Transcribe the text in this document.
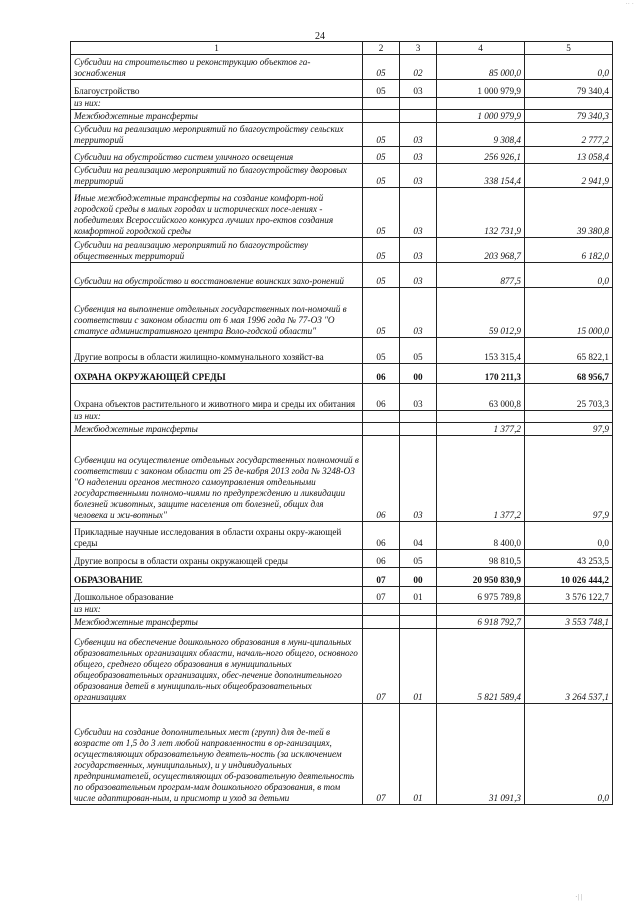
·· ·
24
1	2	3	4	5
Субсидии на строительство и реконструкцию объектов га-зоснабжения	05	02	85 000,0	0,0
Благоустройство	05	03	1 000 979,9	79 340,4
из них:				
Межбюджетные трансферты			1 000 979,9	79 340,3
Субсидии на реализацию мероприятий по благоустройству сельских территорий	05	03	9 308,4	2 777,2
Субсидии на обустройство систем уличного освещения	05	03	256 926,1	13 058,4
Субсидии на реализацию мероприятий по благоустройству дворовых территорий	05	03	338 154,4	2 941,9
Иные межбюджетные трансферты на создание комфорт-ной городской среды в малых городах и исторических посе-лениях - победителях Всероссийского конкурса лучших про-ектов создания комфортной городской среды	05	03	132 731,9	39 380,8
Субсидии на реализацию мероприятий по благоустройству общественных территорий	05	03	203 968,7	6 182,0
Субсидии на обустройство и восстановление воинских захо-ронений	05	03	877,5	0,0
Субвенция на выполнение отдельных государственных пол-номочий в соответствии с законом области от 6 мая 1996 года № 77-ОЗ "О статусе административного центра Воло-годской области"	05	03	59 012,9	15 000,0
Другие вопросы в области жилищно-коммунального хозяйст-ва	05	05	153 315,4	65 822,1
ОХРАНА ОКРУЖАЮЩЕЙ СРЕДЫ	06	00	170 211,3	68 956,7
Охрана объектов растительного и животного мира и среды их обитания	06	03	63 000,8	25 703,3
из них:				
Межбюджетные трансферты			1 377,2	97,9
Субвенции на осуществление отдельных государственных полномочий в соответствии с законом области от 25 де-кабря 2013 года № 3248-ОЗ "О наделении органов местного самоуправления отдельными государственными полномо-чиями по предупреждению и ликвидации болезней животных, защите населения от болезней, общих для человека и жи-вотных"	06	03	1 377,2	97,9
Прикладные научные исследования в области охраны окру-жающей среды	06	04	8 400,0	0,0
Другие вопросы в области охраны окружающей среды	06	05	98 810,5	43 253,5
ОБРАЗОВАНИЕ	07	00	20 950 830,9	10 026 444,2
Дошкольное образование	07	01	6 975 789,8	3 576 122,7
из них:				
Межбюджетные трансферты			6 918 792,7	3 553 748,1
Субвенции на обеспечение дошкольного образования в муни-ципальных образовательных организациях области, началь-ного общего, основного общего, среднего общего образования в муниципальных общеобразовательных организациях, обес-печение дополнительного образования детей в муниципаль-ных общеобразовательных организациях	07	01	5 821 589,4	3 264 537,1
Субсидии на создание дополнительных мест (групп) для де-тей в возрасте от 1,5 до 3 лет любой направленности в ор-ганизациях, осуществляющих образовательную деятель-ность (за исключением государственных, муниципальных), и у индивидуальных предпринимателей, осуществляющих об-разовательную деятельность по образовательным програм-мам дошкольного образования, в том числе адаптирован-ным, и присмотр и уход за детьми	07	01	31 091,3	0,0
·| |
